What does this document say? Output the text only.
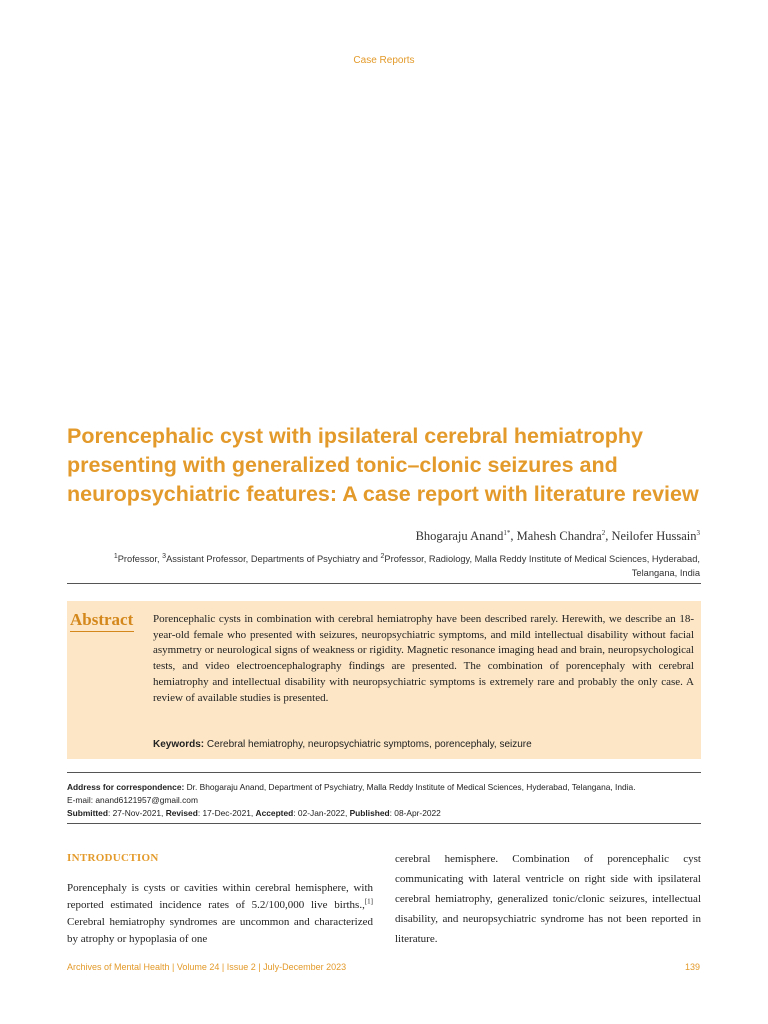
Case Reports
Porencephalic cyst with ipsilateral cerebral hemiatrophy presenting with generalized tonic–clonic seizures and neuropsychiatric features: A case report with literature review
Bhogaraju Anand$^{1*}$, Mahesh Chandra$^2$, Neilofer Hussain$^3$
$^1$Professor, $^3$Assistant Professor, Departments of Psychiatry and $^2$Professor, Radiology, Malla Reddy Institute of Medical Sciences, Hyderabad, Telangana, India
Abstract Porencephalic cysts in combination with cerebral hemiatrophy have been described rarely. Herewith, we describe an 18-year-old female who presented with seizures, neuropsychiatric symptoms, and mild intellectual disability without facial asymmetry or neurological signs of weakness or rigidity. Magnetic resonance imaging head and brain, neuropsychological tests, and video electroencephalography findings are presented. The combination of porencephaly with cerebral hemiatrophy and intellectual disability with neuropsychiatric symptoms is extremely rare and probably the only case. A review of available studies is presented.

Keywords: Cerebral hemiatrophy, neuropsychiatric symptoms, porencephaly, seizure

Address for correspondence: Dr. Bhogaraju Anand, Department of Psychiatry, Malla Reddy Institute of Medical Sciences, Hyderabad, Telangana, India.
E-mail: anand6121957@gmail.com
Submitted: 27-Nov-2021, Revised: 17-Dec-2021, Accepted: 02-Jan-2022, Published: 08-Apr-2022
INTRODUCTION

Porencephaly is cysts or cavities within cerebral hemisphere, with reported estimated incidence rates of 5.2/100,000 live births.,[1] Cerebral hemiatrophy syndromes are uncommon and characterized by atrophy or hypoplasia of one

cerebral hemisphere. Combination of porencephalic cyst communicating with lateral ventricle on right side with ipsilateral cerebral hemiatrophy, generalized tonic/clonic seizures, intellectual disability, and neuropsychiatric syndrome has not been reported in literature.

Archives of Mental Health | Volume 24 | Issue 2 | July-December 2023	139
